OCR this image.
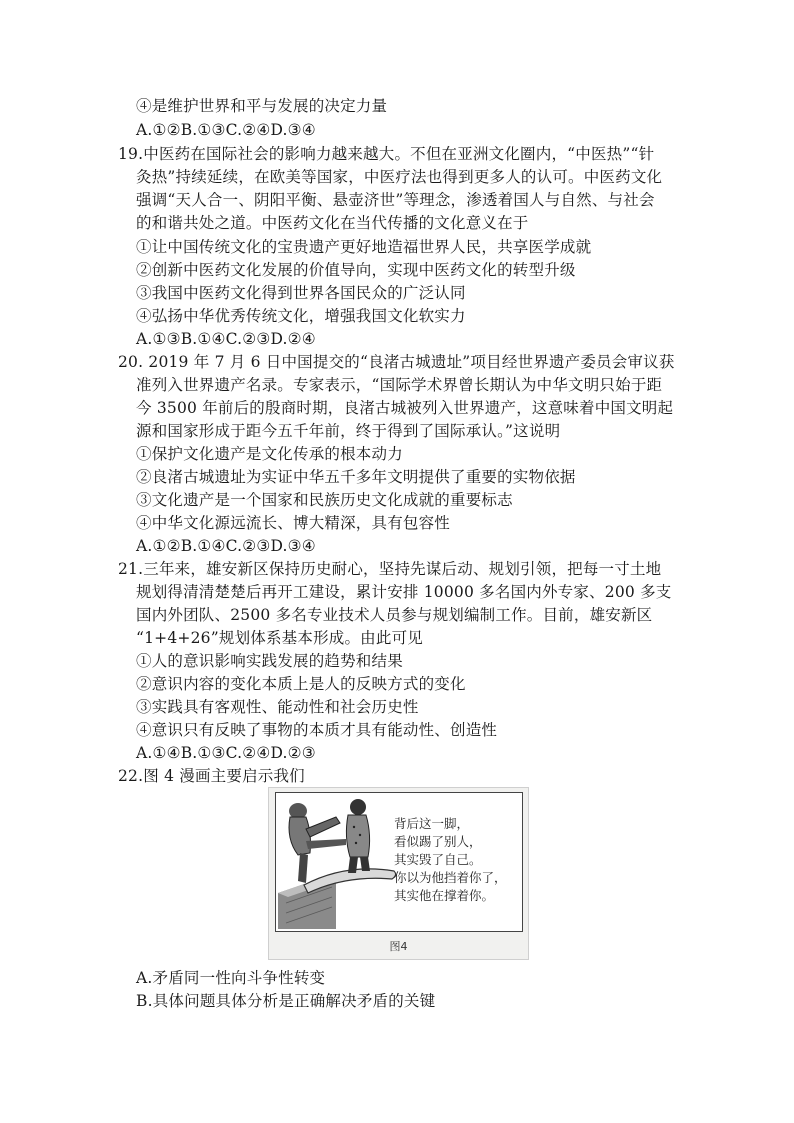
④是维护世界和平与发展的决定力量
A.①②B.①③C.②④D.③④
19.中医药在国际社会的影响力越来越大。不但在亚洲文化圈内，“中医热”“针
灸热”持续延续，在欧美等国家，中医疗法也得到更多人的认可。中医药文化
强调“天人合一、阴阳平衡、悬壶济世”等理念，渗透着国人与自然、与社会
的和谐共处之道。中医药文化在当代传播的文化意义在于
①让中国传统文化的宝贵遗产更好地造福世界人民，共享医学成就
②创新中医药文化发展的价值导向，实现中医药文化的转型升级
③我国中医药文化得到世界各国民众的广泛认同
④弘扬中华优秀传统文化，增强我国文化软实力
A.①③B.①④C.②③D.②④
20. 2019 年 7 月 6 日中国提交的“良渚古城遗址”项目经世界遗产委员会审议获
准列入世界遗产名录。专家表示，“国际学术界曾长期认为中华文明只始于距
今 3500 年前后的殷商时期，良渚古城被列入世界遗产，这意味着中国文明起
源和国家形成于距今五千年前，终于得到了国际承认。”这说明
①保护文化遗产是文化传承的根本动力
②良渚古城遗址为实证中华五千多年文明提供了重要的实物依据
③文化遗产是一个国家和民族历史文化成就的重要标志
④中华文化源远流长、博大精深，具有包容性
A.①②B.①④C.②③D.③④
21.三年来，雄安新区保持历史耐心，坚持先谋后动、规划引领，把每一寸土地
规划得清清楚楚后再开工建设，累计安排 10000 多名国内外专家、200 多支
国内外团队、2500 多名专业技术人员参与规划编制工作。目前，雄安新区
“1+4+26”规划体系基本形成。由此可见
①人的意识影响实践发展的趋势和结果
②意识内容的变化本质上是人的反映方式的变化
③实践具有客观性、能动性和社会历史性
④意识只有反映了事物的本质才具有能动性、创造性
A.①④B.①③C.②④D.②③
22.图 4 漫画主要启示我们
背后这一脚，
看似踢了别人，
其实毁了自己。
你以为他挡着你了，
其实他在撑着你。
图4
A.矛盾同一性向斗争性转变
B.具体问题具体分析是正确解决矛盾的关键
